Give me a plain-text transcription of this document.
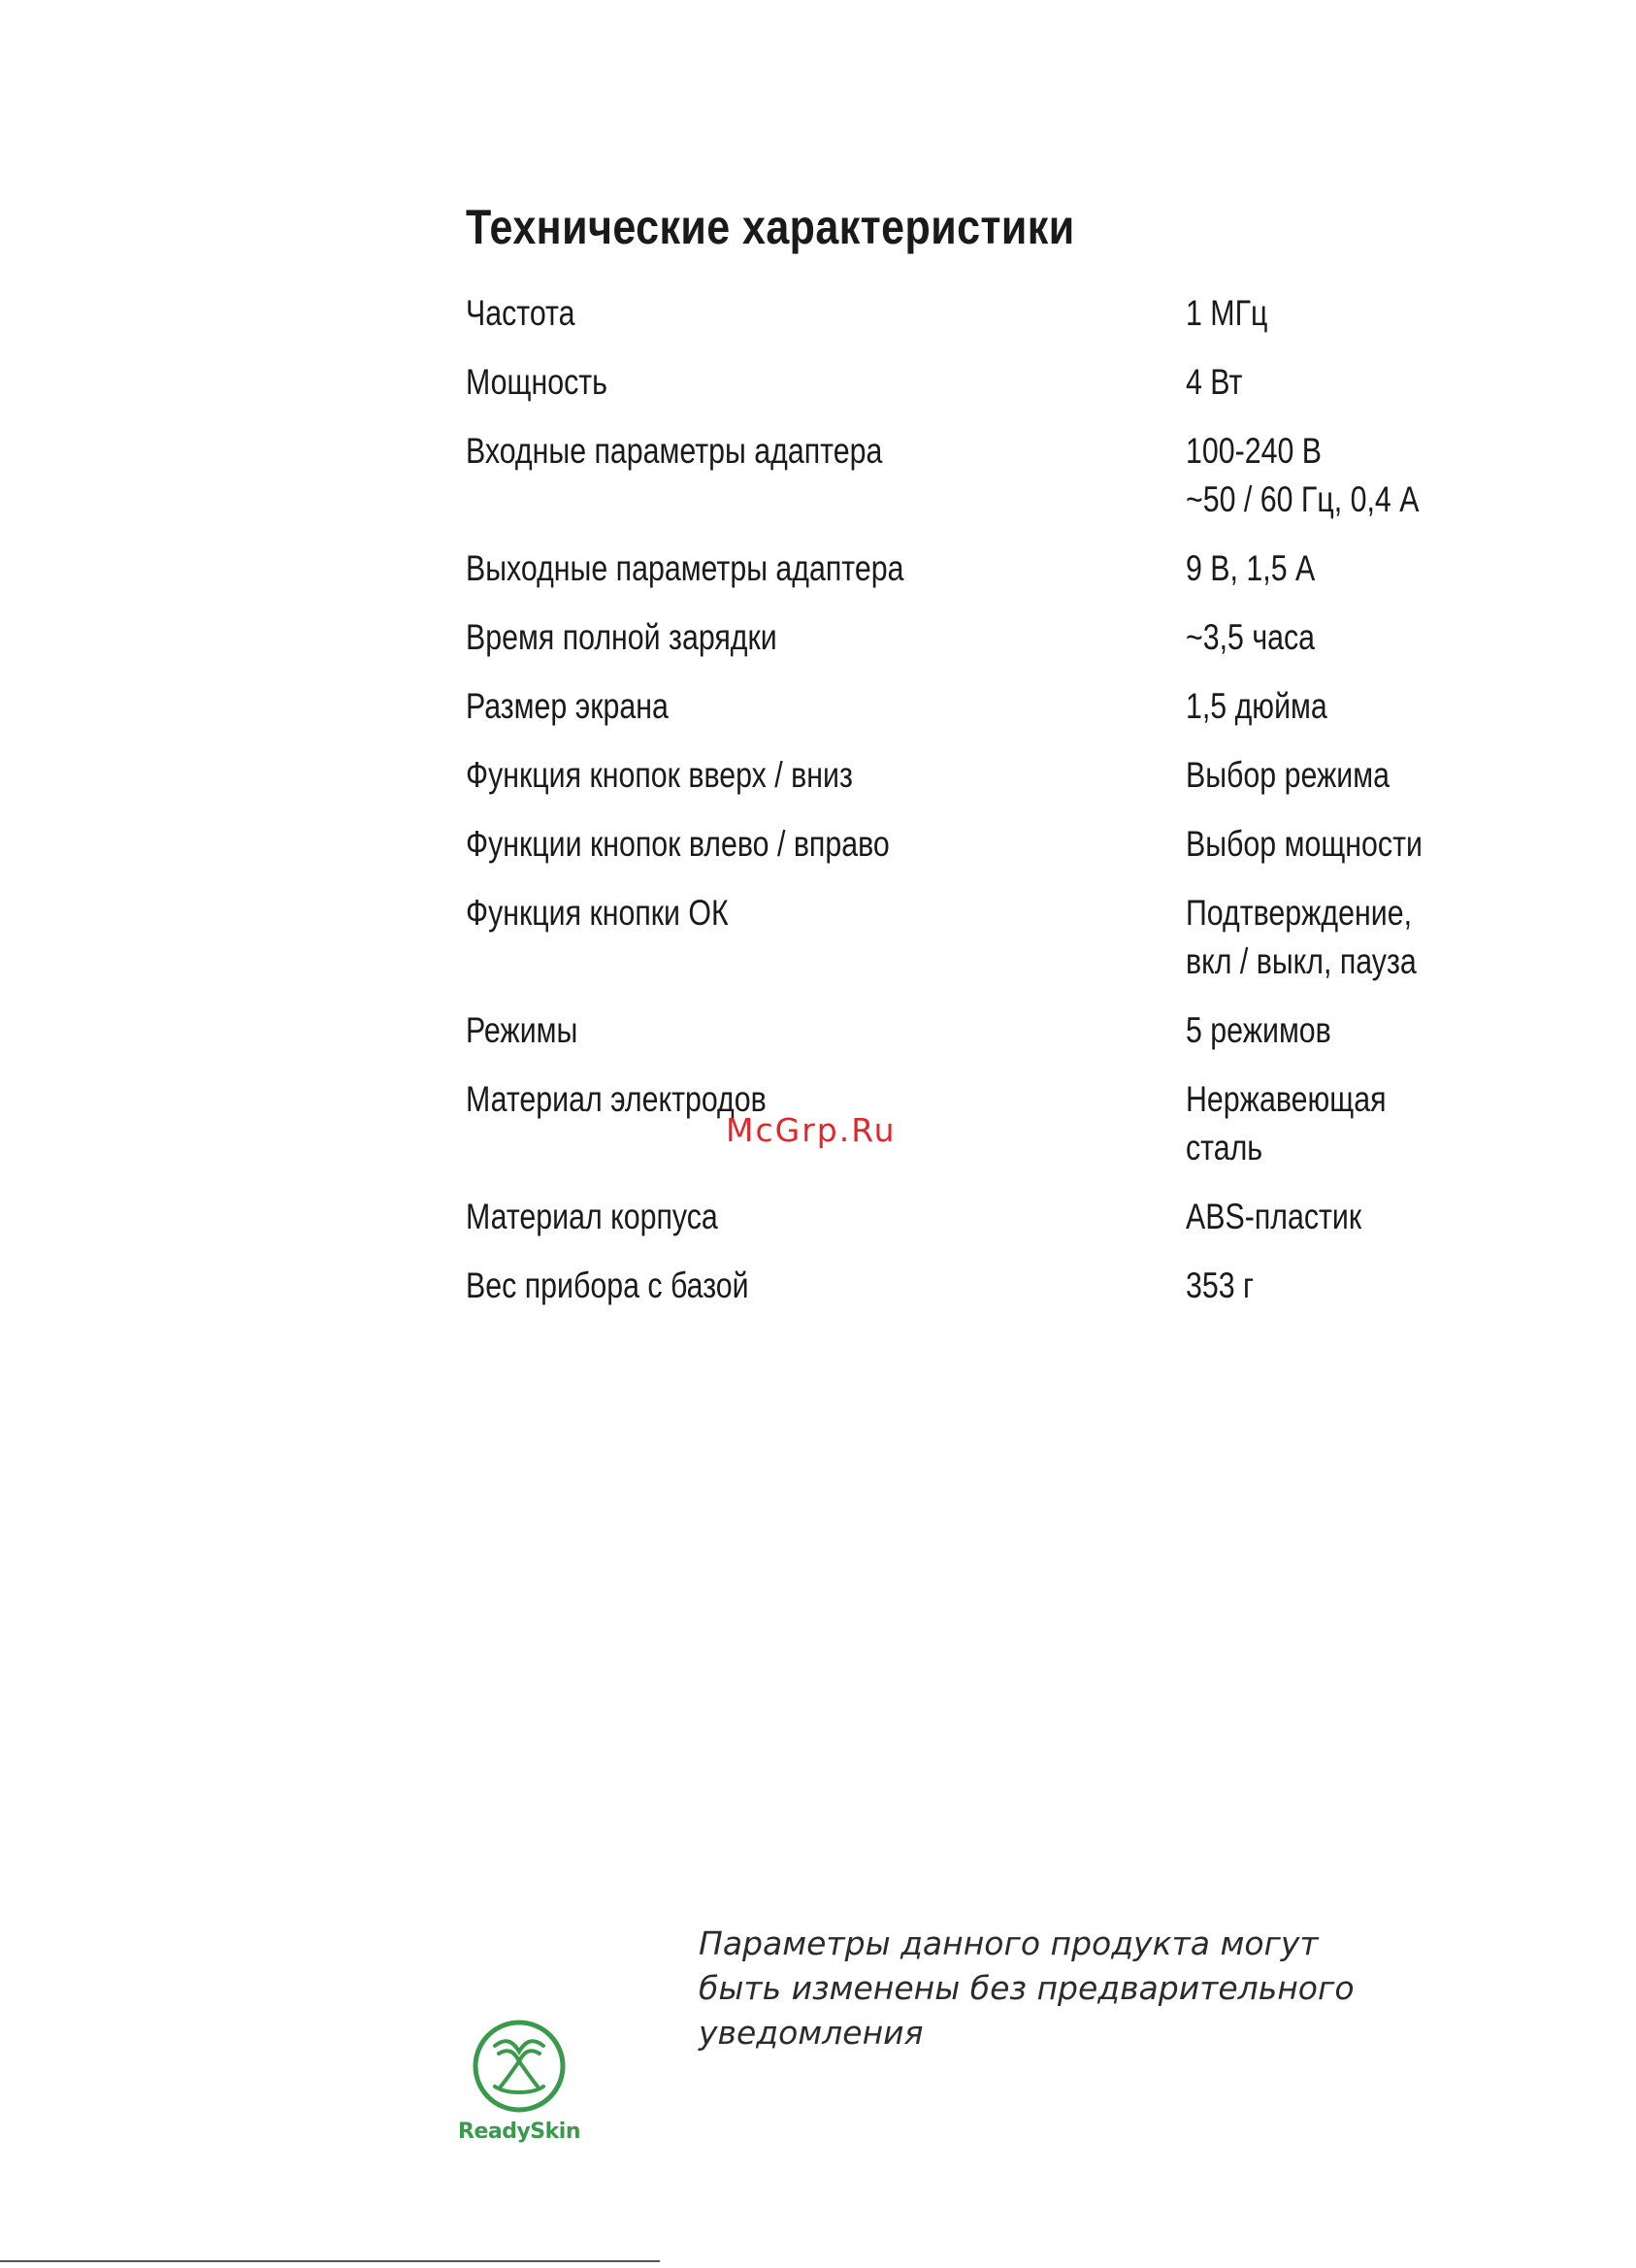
Технические характеристики
Частота	1 МГц
Мощность	4 Вт
Входные параметры адаптера	100-240 В
~50 / 60 Гц, 0,4 А
Выходные параметры адаптера	9 В, 1,5 А
Время полной зарядки	~3,5 часа
Размер экрана	1,5 дюйма
Функция кнопок вверх / вниз	Выбор режима
Функции кнопок влево / вправо	Выбор мощности
Функция кнопки ОК	Подтверждение,
вкл / выкл, пауза
Режимы	5 режимов
Материал электродов	Нержавеющая
сталь
Материал корпуса	ABS-пластик
Вес прибора с базой	353 г
McGrp.Ru
Параметры данного продукта могут
быть изменены без предварительного
уведомления
ReadySkin
